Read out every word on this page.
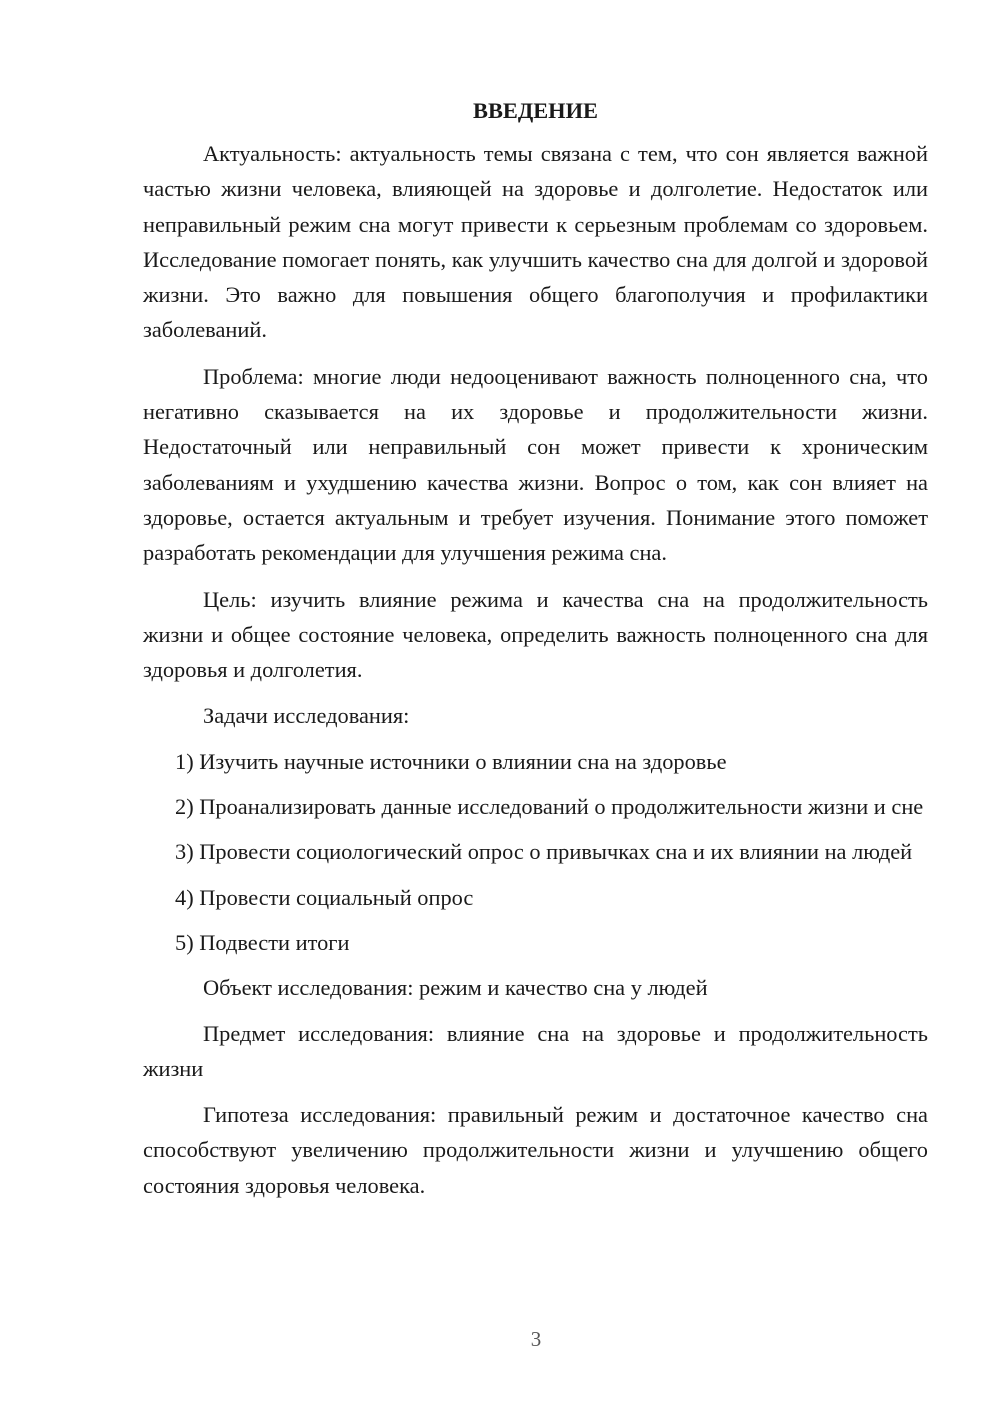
ВВЕДЕНИЕ

Актуальность: актуальность темы связана с тем, что сон является важной частью жизни человека, влияющей на здоровье и долголетие. Недостаток или неправильный режим сна могут привести к серьезным проблемам со здоровьем. Исследование помогает понять, как улучшить качество сна для долгой и здоровой жизни. Это важно для повышения общего благополучия и профилактики заболеваний.

Проблема: многие люди недооценивают важность полноценного сна, что негативно сказывается на их здоровье и продолжительности жизни. Недостаточный или неправильный сон может привести к хроническим заболеваниям и ухудшению качества жизни. Вопрос о том, как сон влияет на здоровье, остается актуальным и требует изучения. Понимание этого поможет разработать рекомендации для улучшения режима сна.

Цель: изучить влияние режима и качества сна на продолжительность жизни и общее состояние человека, определить важность полноценного сна для здоровья и долголетия.

Задачи исследования:

1) Изучить научные источники о влиянии сна на здоровье

2) Проанализировать данные исследований о продолжительности жизни и сне

3) Провести социологический опрос о привычках сна и их влиянии на людей

4) Провести социальный опрос

5) Подвести итоги

Объект исследования: режим и качество сна у людей

Предмет исследования: влияние сна на здоровье и продолжительность жизни

Гипотеза исследования: правильный режим и достаточное качество сна способствуют увеличению продолжительности жизни и улучшению общего состояния здоровья человека.

3
